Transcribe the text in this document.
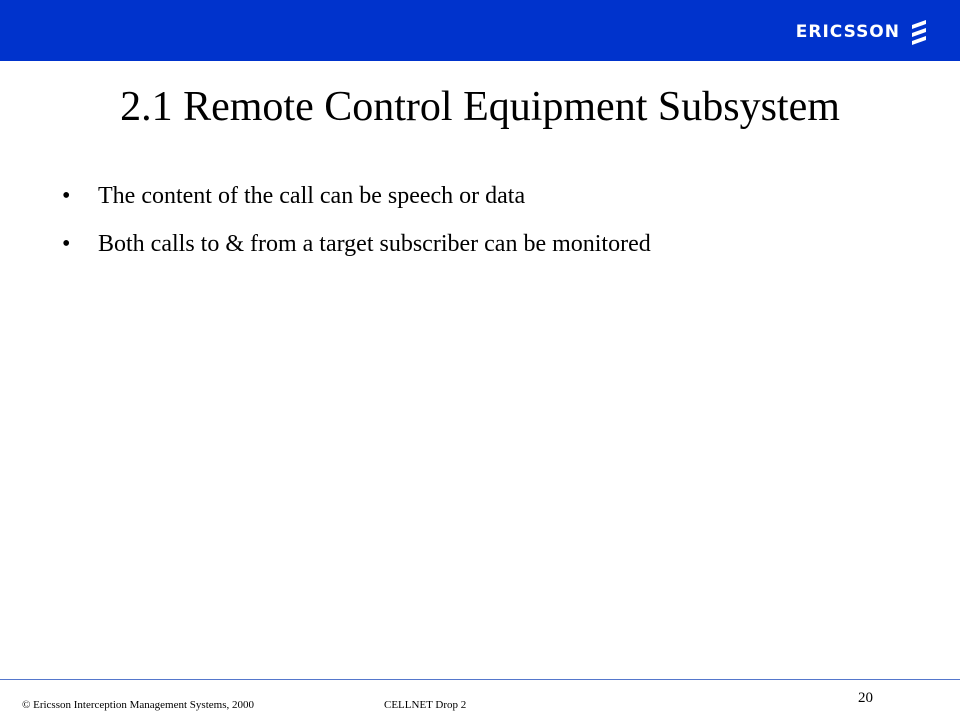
ERICSSON
2.1 Remote Control Equipment Subsystem
• The content of the call can be speech or data
• Both calls to & from a target subscriber can be monitored
© Ericsson Interception Management Systems, 2000	CELLNET Drop 2	20
